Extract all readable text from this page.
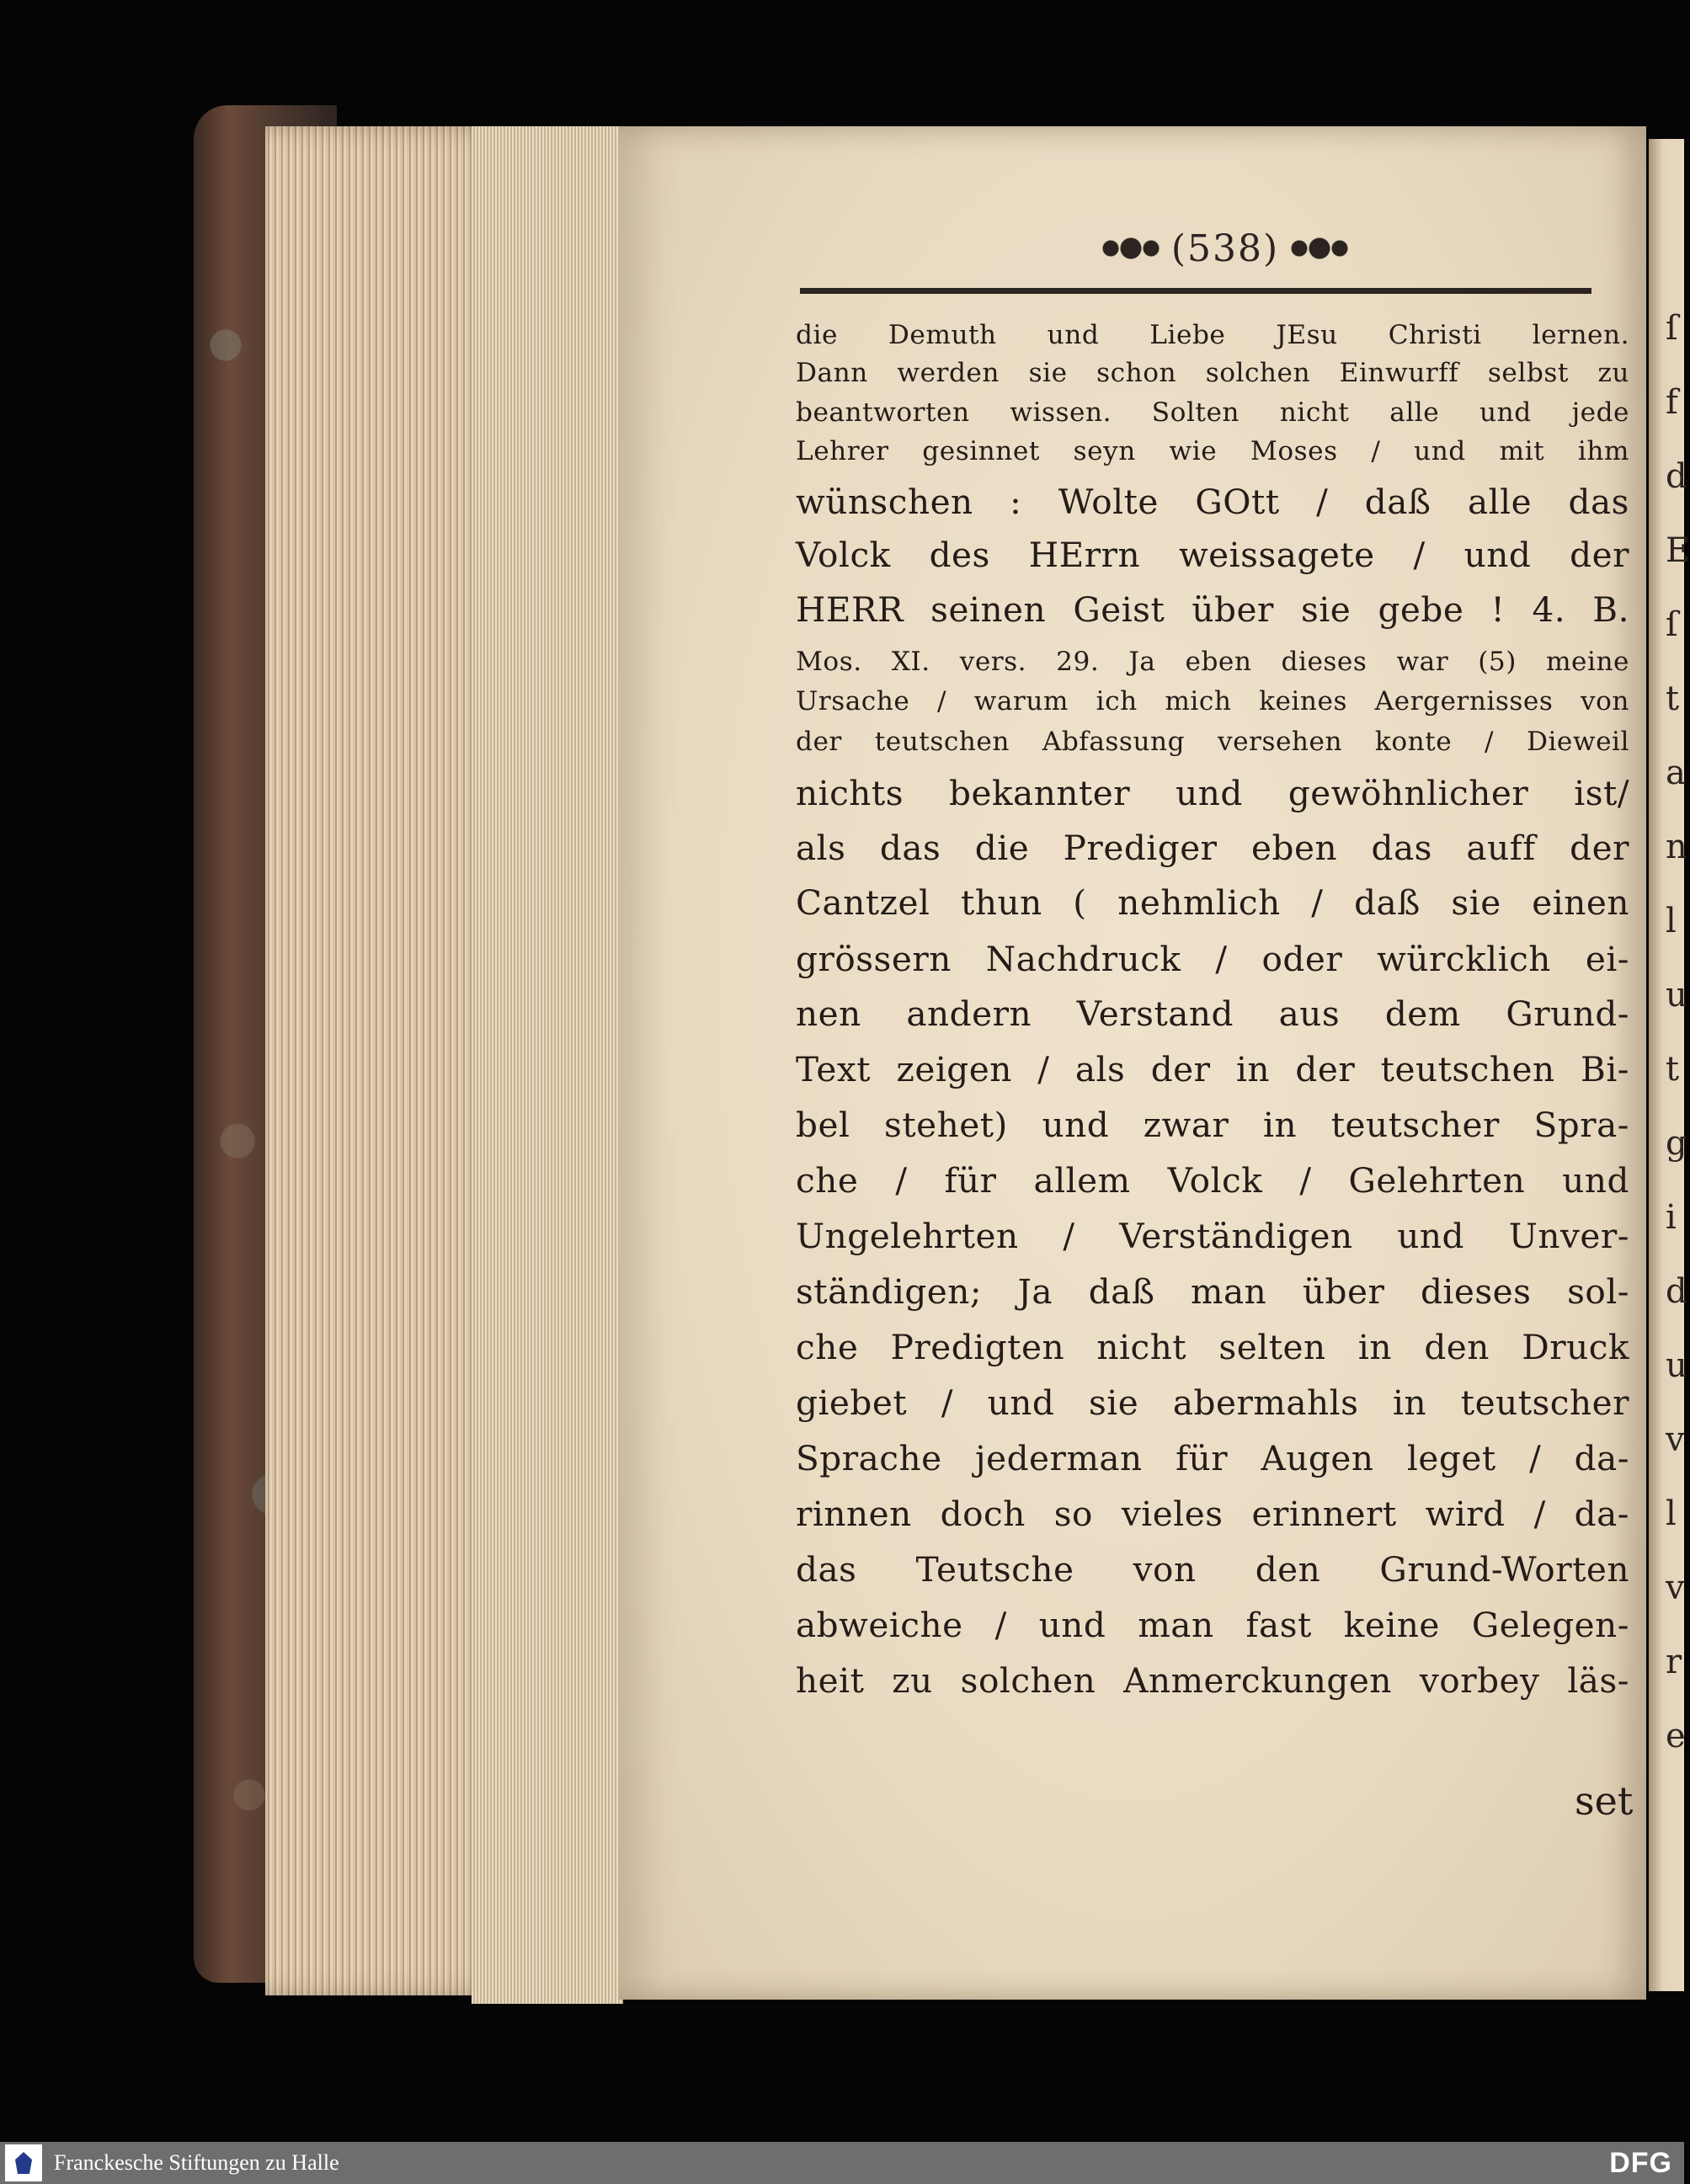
ſ
f
d
E
ſ
t
a
n
l
u
t
g
i
d
u
v
l
v
r
e
(538)
die Demuth und Liebe JEsu Christi lernen.
Dann werden sie schon solchen Einwurff selbst zu
beantworten wissen. Solten nicht alle und jede
Lehrer gesinnet seyn wie Moses / und mit ihm
wünschen : Wolte GOtt / daß alle das
Volck des HErrn weissagete / und der
HERR seinen Geist über sie gebe ! 4. B.
Mos. XI. vers. 29. Ja eben dieses war (5) meine
Ursache / warum ich mich keines Aergernisses von
der teutschen Abfassung versehen konte / Dieweil
nichts bekannter und gewöhnlicher ist/
als das die Prediger eben das auff der
Cantzel thun ( nehmlich / daß sie einen
grössern Nachdruck / oder würcklich ei-
nen andern Verstand aus dem Grund-
Text zeigen / als der in der teutschen Bi-
bel stehet) und zwar in teutscher Spra-
che / für allem Volck / Gelehrten und
Ungelehrten / Verständigen und Unver-
ständigen; Ja daß man über dieses sol-
che Predigten nicht selten in den Druck
giebet / und sie abermahls in teutscher
Sprache jederman für Augen leget / da-
rinnen doch so vieles erinnert wird / da-
das Teutsche von den Grund-Worten
abweiche / und man fast keine Gelegen-
heit zu solchen Anmerckungen vorbey läs-
set
Franckesche Stiftungen zu Halle	DFG
